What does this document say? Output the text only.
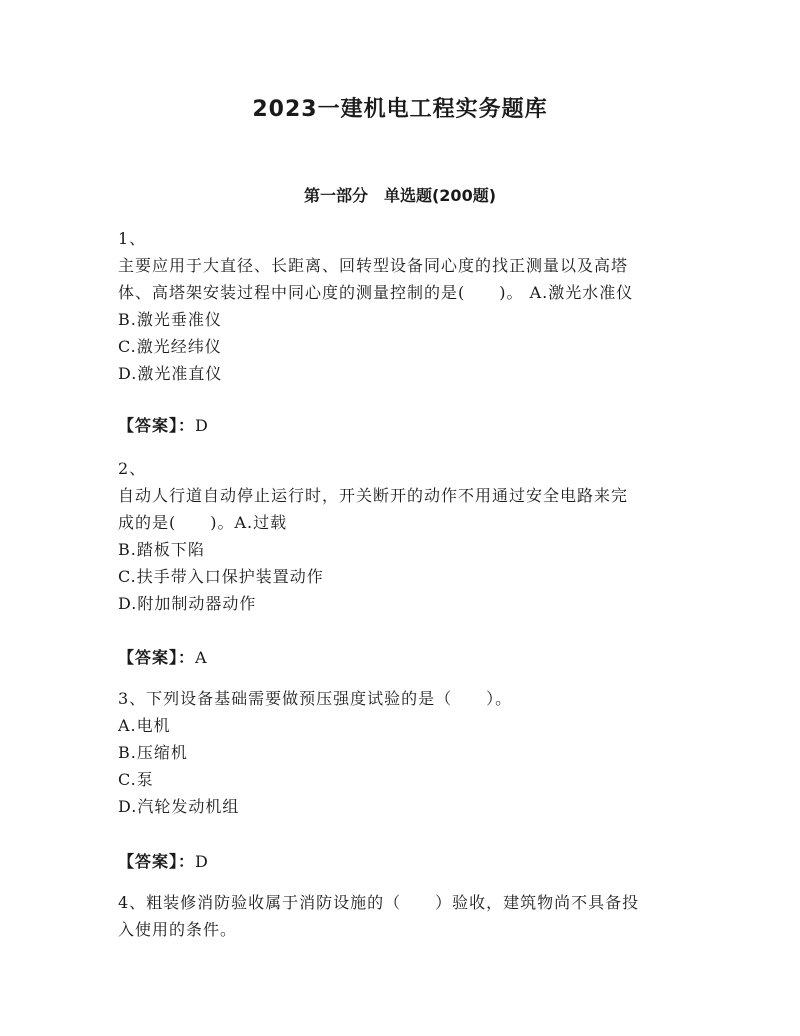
2023一建机电工程实务题库
第一部分　单选题(200题)
1、
主要应用于大直径、长距离、回转型设备同心度的找正测量以及高塔
体、高塔架安装过程中同心度的测量控制的是(　　)。 A.激光水准仪
B.激光垂准仪
C.激光经纬仪
D.激光准直仪
【答案】：D
2、
自动人行道自动停止运行时，开关断开的动作不用通过安全电路来完
成的是(　　)。A.过载
B.踏板下陷
C.扶手带入口保护装置动作
D.附加制动器动作
【答案】：A
3、下列设备基础需要做预压强度试验的是（　　）。
A.电机
B.压缩机
C.泵
D.汽轮发动机组
【答案】：D
4、粗装修消防验收属于消防设施的（　　）验收，建筑物尚不具备投
入使用的条件。
